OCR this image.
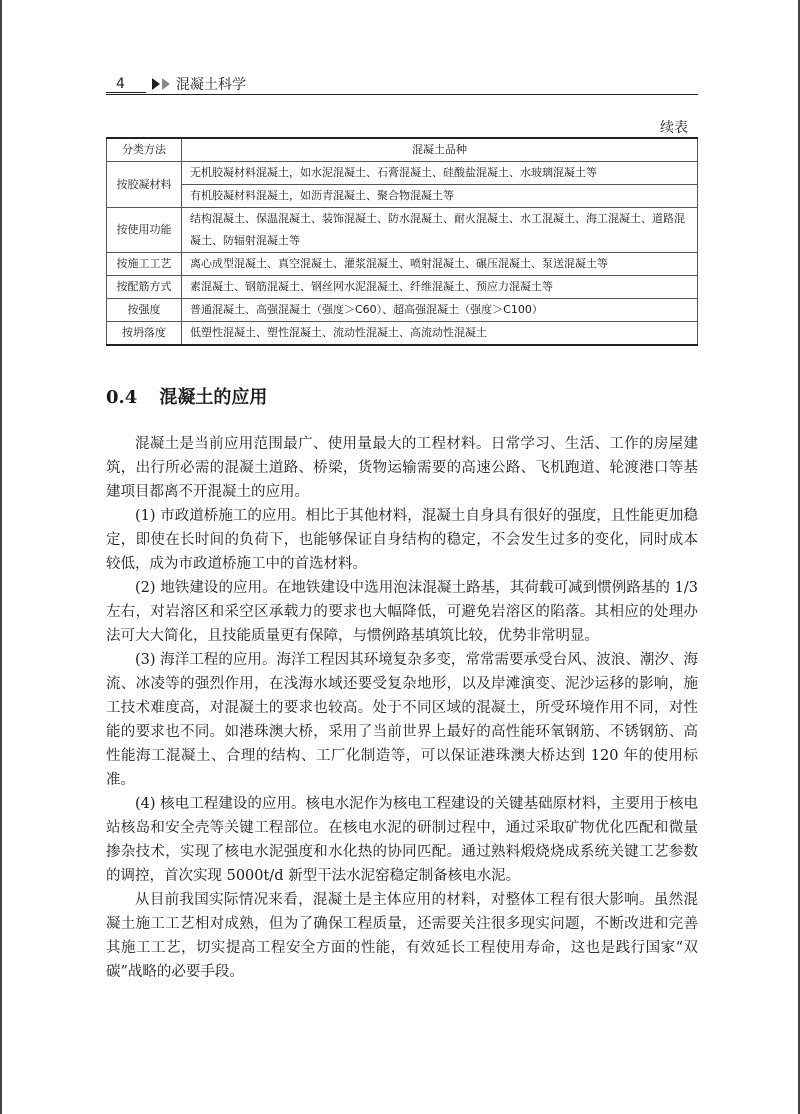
4	混凝土科学
续表
分类方法	混凝土品种
按胶凝材料	无机胶凝材料混凝土，如水泥混凝土、石膏混凝土、硅酸盐混凝土、水玻璃混凝土等
	有机胶凝材料混凝土，如沥青混凝土、聚合物混凝土等
按使用功能	结构混凝土、保温混凝土、装饰混凝土、防水混凝土、耐火混凝土、水工混凝土、海工混凝土、道路混凝土、防辐射混凝土等
按施工工艺	离心成型混凝土、真空混凝土、灌浆混凝土、喷射混凝土、碾压混凝土、泵送混凝土等
按配筋方式	素混凝土、钢筋混凝土、钢丝网水泥混凝土、纤维混凝土、预应力混凝土等
按强度	普通混凝土、高强混凝土（强度＞C60）、超高强混凝土（强度＞C100）
按坍落度	低塑性混凝土、塑性混凝土、流动性混凝土、高流动性混凝土
0.4 混凝土的应用

混凝土是当前应用范围最广、使用量最大的工程材料。日常学习、生活、工作的房屋建筑，出行所必需的混凝土道路、桥梁，货物运输需要的高速公路、飞机跑道、轮渡港口等基建项目都离不开混凝土的应用。

(1) 市政道桥施工的应用。相比于其他材料，混凝土自身具有很好的强度，且性能更加稳定，即使在长时间的负荷下，也能够保证自身结构的稳定，不会发生过多的变化，同时成本较低，成为市政道桥施工中的首选材料。

(2) 地铁建设的应用。在地铁建设中选用泡沫混凝土路基，其荷载可减到惯例路基的 1/3 左右，对岩溶区和采空区承载力的要求也大幅降低，可避免岩溶区的陷落。其相应的处理办法可大大简化，且技能质量更有保障，与惯例路基填筑比较，优势非常明显。

(3) 海洋工程的应用。海洋工程因其环境复杂多变，常常需要承受台风、波浪、潮汐、海流、冰凌等的强烈作用，在浅海水域还要受复杂地形，以及岸滩演变、泥沙运移的影响，施工技术难度高，对混凝土的要求也较高。处于不同区域的混凝土，所受环境作用不同，对性能的要求也不同。如港珠澳大桥，采用了当前世界上最好的高性能环氧钢筋、不锈钢筋、高性能海工混凝土、合理的结构、工厂化制造等，可以保证港珠澳大桥达到 120 年的使用标准。

(4) 核电工程建设的应用。核电水泥作为核电工程建设的关键基础原材料，主要用于核电站核岛和安全壳等关键工程部位。在核电水泥的研制过程中，通过采取矿物优化匹配和微量掺杂技术，实现了核电水泥强度和水化热的协同匹配。通过熟料煅烧烧成系统关键工艺参数的调控，首次实现 5000t/d 新型干法水泥窑稳定制备核电水泥。

从目前我国实际情况来看，混凝土是主体应用的材料，对整体工程有很大影响。虽然混凝土施工工艺相对成熟，但为了确保工程质量，还需要关注很多现实问题，不断改进和完善其施工工艺，切实提高工程安全方面的性能，有效延长工程使用寿命，这也是践行国家“双碳”战略的必要手段。
